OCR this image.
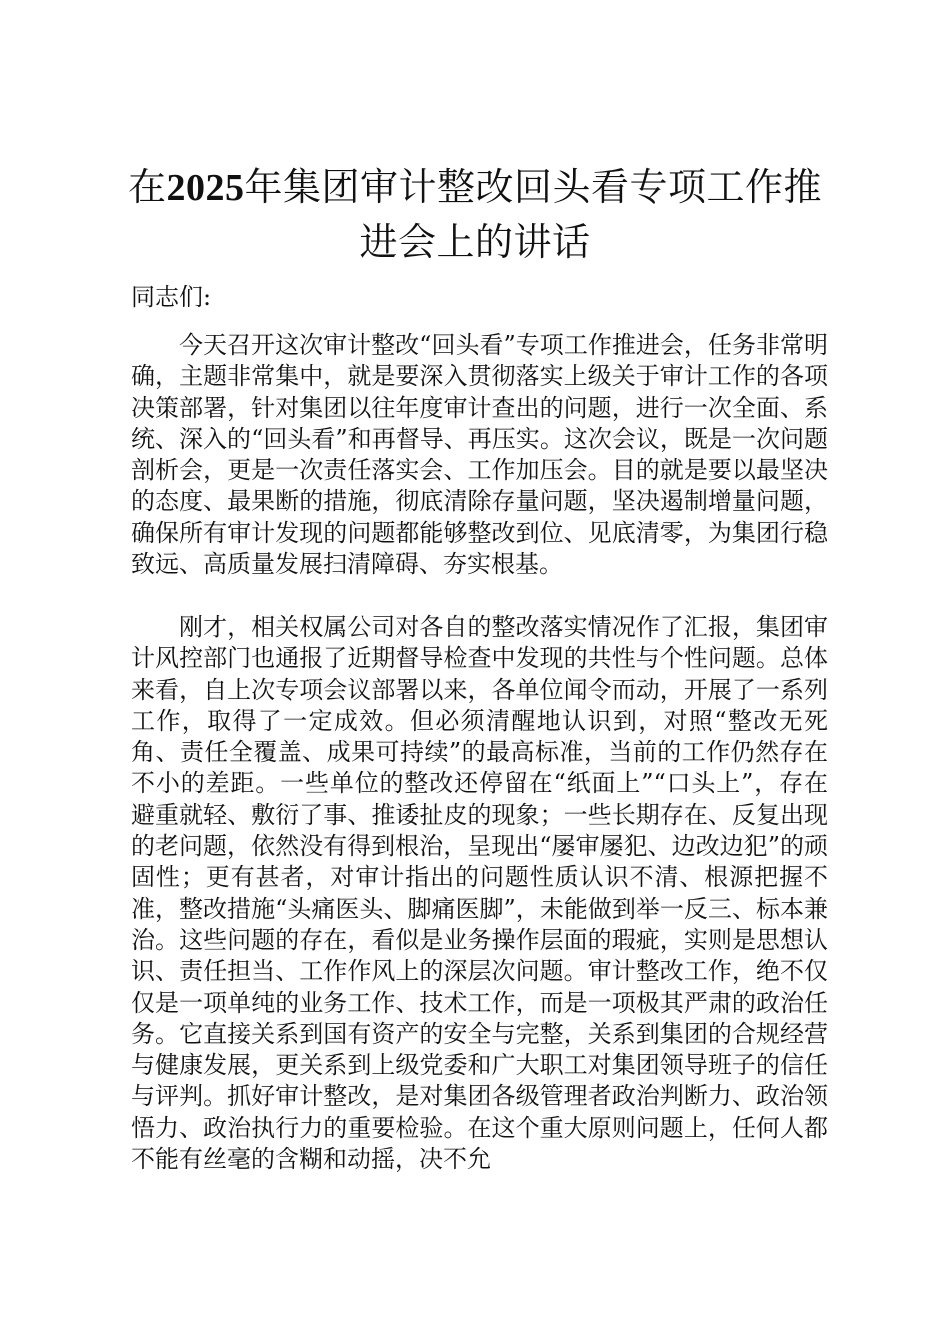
在2025年集团审计整改回头看专项工作推进会上的讲话

同志们:

今天召开这次审计整改“回头看”专项工作推进会，任务非常明确，主题非常集中，就是要深入贯彻落实上级关于审计工作的各项决策部署，针对集团以往年度审计查出的问题，进行一次全面、系统、深入的“回头看”和再督导、再压实。这次会议，既是一次问题剖析会，更是一次责任落实会、工作加压会。目的就是要以最坚决的态度、最果断的措施，彻底清除存量问题，坚决遏制增量问题，确保所有审计发现的问题都能够整改到位、见底清零，为集团行稳致远、高质量发展扫清障碍、夯实根基。

刚才，相关权属公司对各自的整改落实情况作了汇报，集团审计风控部门也通报了近期督导检查中发现的共性与个性问题。总体来看，自上次专项会议部署以来，各单位闻令而动，开展了一系列工作，取得了一定成效。但必须清醒地认识到，对照“整改无死角、责任全覆盖、成果可持续”的最高标准，当前的工作仍然存在不小的差距。一些单位的整改还停留在“纸面上”“口头上”，存在避重就轻、敷衍了事、推诿扯皮的现象；一些长期存在、反复出现的老问题，依然没有得到根治，呈现出“屡审屡犯、边改边犯”的顽固性；更有甚者，对审计指出的问题性质认识不清、根源把握不准，整改措施“头痛医头、脚痛医脚”，未能做到举一反三、标本兼治。这些问题的存在，看似是业务操作层面的瑕疵，实则是思想认识、责任担当、工作作风上的深层次问题。审计整改工作，绝不仅仅是一项单纯的业务工作、技术工作，而是一项极其严肃的政治任务。它直接关系到国有资产的安全与完整，关系到集团的合规经营与健康发展，更关系到上级党委和广大职工对集团领导班子的信任与评判。抓好审计整改，是对集团各级管理者政治判断力、政治领悟力、政治执行力的重要检验。在这个重大原则问题上，任何人都不能有丝毫的含糊和动摇，决不允
